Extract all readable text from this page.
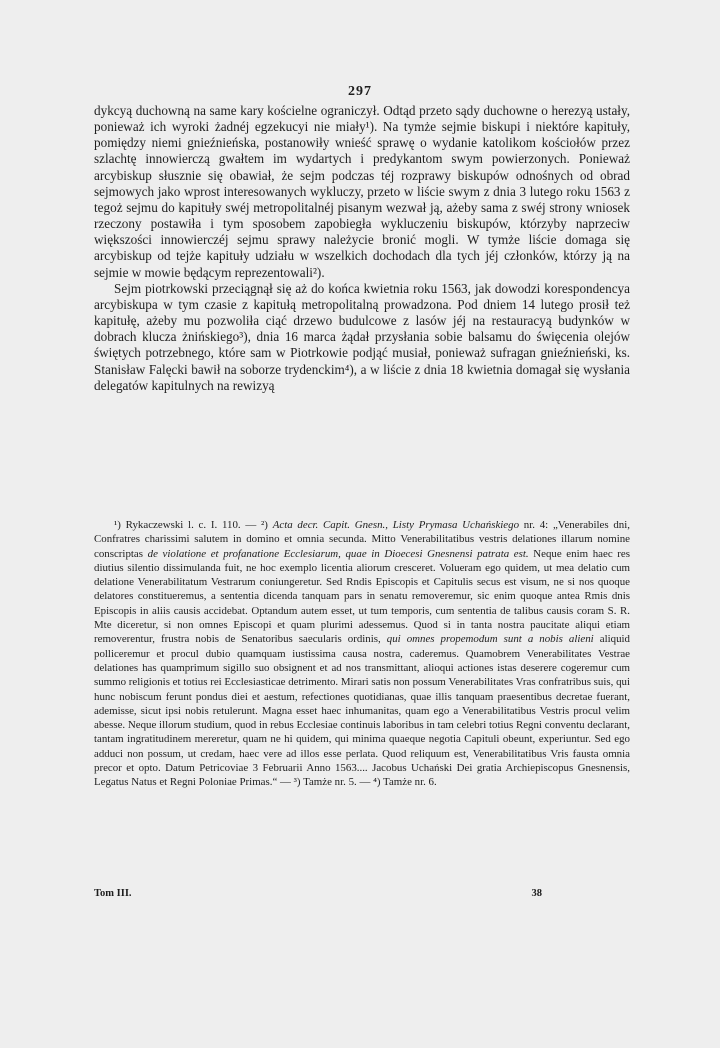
297

dykcyą duchowną na same kary kościelne ograniczył. Odtąd przeto sądy duchowne o herezyą ustały, ponieważ ich wyroki żadnéj egzekucyi nie miały¹). Na tymże sejmie biskupi i niektóre kapituły, pomiędzy niemi gnieźnieńska, postanowiły wnieść sprawę o wydanie katolikom kościołów przez szlachtę innowierczą gwałtem im wydartych i predykantom swym powierzonych. Ponieważ arcybiskup słusznie się obawiał, że sejm podczas téj rozprawy biskupów odnośnych od obrad sejmowych jako wprost interesowanych wykluczy, przeto w liście swym z dnia 3 lutego roku 1563 z tegoż sejmu do kapituły swéj metropolitalnéj pisanym wezwał ją, ażeby sama z swéj strony wniosek rzeczony postawiła i tym sposobem zapobiegła wykluczeniu biskupów, którzyby naprzeciw większości innowierczéj sejmu sprawy należycie bronić mogli. W tymże liście domaga się arcybiskup od tejże kapituły udziału w wszelkich dochodach dla tych jéj członków, którzy ją na sejmie w mowie będącym reprezentowali²).

Sejm piotrkowski przeciągnął się aż do końca kwietnia roku 1563, jak dowodzi korespondencya arcybiskupa w tym czasie z kapitułą metropolitalną prowadzona. Pod dniem 14 lutego prosił też kapitułę, ażeby mu pozwoliła ciąć drzewo budulcowe z lasów jéj na restauracyą budynków w dobrach klucza żnińskiego³), dnia 16 marca żądał przysłania sobie balsamu do święcenia olejów świętych potrzebnego, które sam w Piotrkowie podjąć musiał, ponieważ sufragan gnieźnieński, ks. Stanisław Falęcki bawił na soborze trydenckim⁴), a w liście z dnia 18 kwietnia domagał się wysłania delegatów kapitulnych na rewizyą

¹) Rykaczewski l. c. I. 110. — ²) Acta decr. Capit. Gnesn., Listy Prymasa Uchańskiego nr. 4: „Venerabiles dni, Confratres charissimi salutem in domino et omnia secunda. Mitto Venerabilitatibus vestris delationes illarum nomine conscriptas de violatione et profanatione Ecclesiarum, quae in Dioecesi Gnesnensi patrata est. Neque enim haec res diutius silentio dissimulanda fuit, ne hoc exemplo licentia aliorum cresceret. Volueram ego quidem, ut mea delatio cum delatione Venerabilitatum Vestrarum coniungeretur. Sed Rndis Episcopis et Capitulis secus est visum, ne si nos quoque delatores constitueremus, a sententia dicenda tanquam pars in senatu removeremur, sic enim quoque antea Rmis dnis Episcopis in aliis causis accidebat. Optandum autem esset, ut tum temporis, cum sententia de talibus causis coram S. R. Mte diceretur, si non omnes Episcopi et quam plurimi adessemus. Quod si in tanta nostra paucitate aliqui etiam removerentur, frustra nobis de Senatoribus saecularis ordinis, qui omnes propemodum sunt a nobis alieni aliquid polliceremur et procul dubio quamquam iustissima causa nostra, caderemus. Quamobrem Venerabilitates Vestrae delationes has quamprimum sigillo suo obsignent et ad nos transmittant, alioqui actiones istas deserere cogeremur cum summo religionis et totius rei Ecclesiasticae detrimento. Mirari satis non possum Venerabilitates Vras confratribus suis, qui hunc nobiscum ferunt pondus diei et aestum, refectiones quotidianas, quae illis tanquam praesentibus decretae fuerant, ademisse, sicut ipsi nobis retulerunt. Magna esset haec inhumanitas, quam ego a Venerabilitatibus Vestris procul velim abesse. Neque illorum studium, quod in rebus Ecclesiae continuis laboribus in tam celebri totius Regni conventu declarant, tantam ingratitudinem mereretur, quam ne hi quidem, qui minima quaeque negotia Capituli obeunt, experiuntur. Sed ego adduci non possum, ut credam, haec vere ad illos esse perlata. Quod reliquum est, Venerabilitatibus Vris fausta omnia precor et opto. Datum Petricoviae 3 Februarii Anno 1563.... Jacobus Uchański Dei gratia Archiepiscopus Gnesnensis, Legatus Natus et Regni Poloniae Primas.“ — ³) Tamże nr. 5. — ⁴) Tamże nr. 6.

Tom III.	38
